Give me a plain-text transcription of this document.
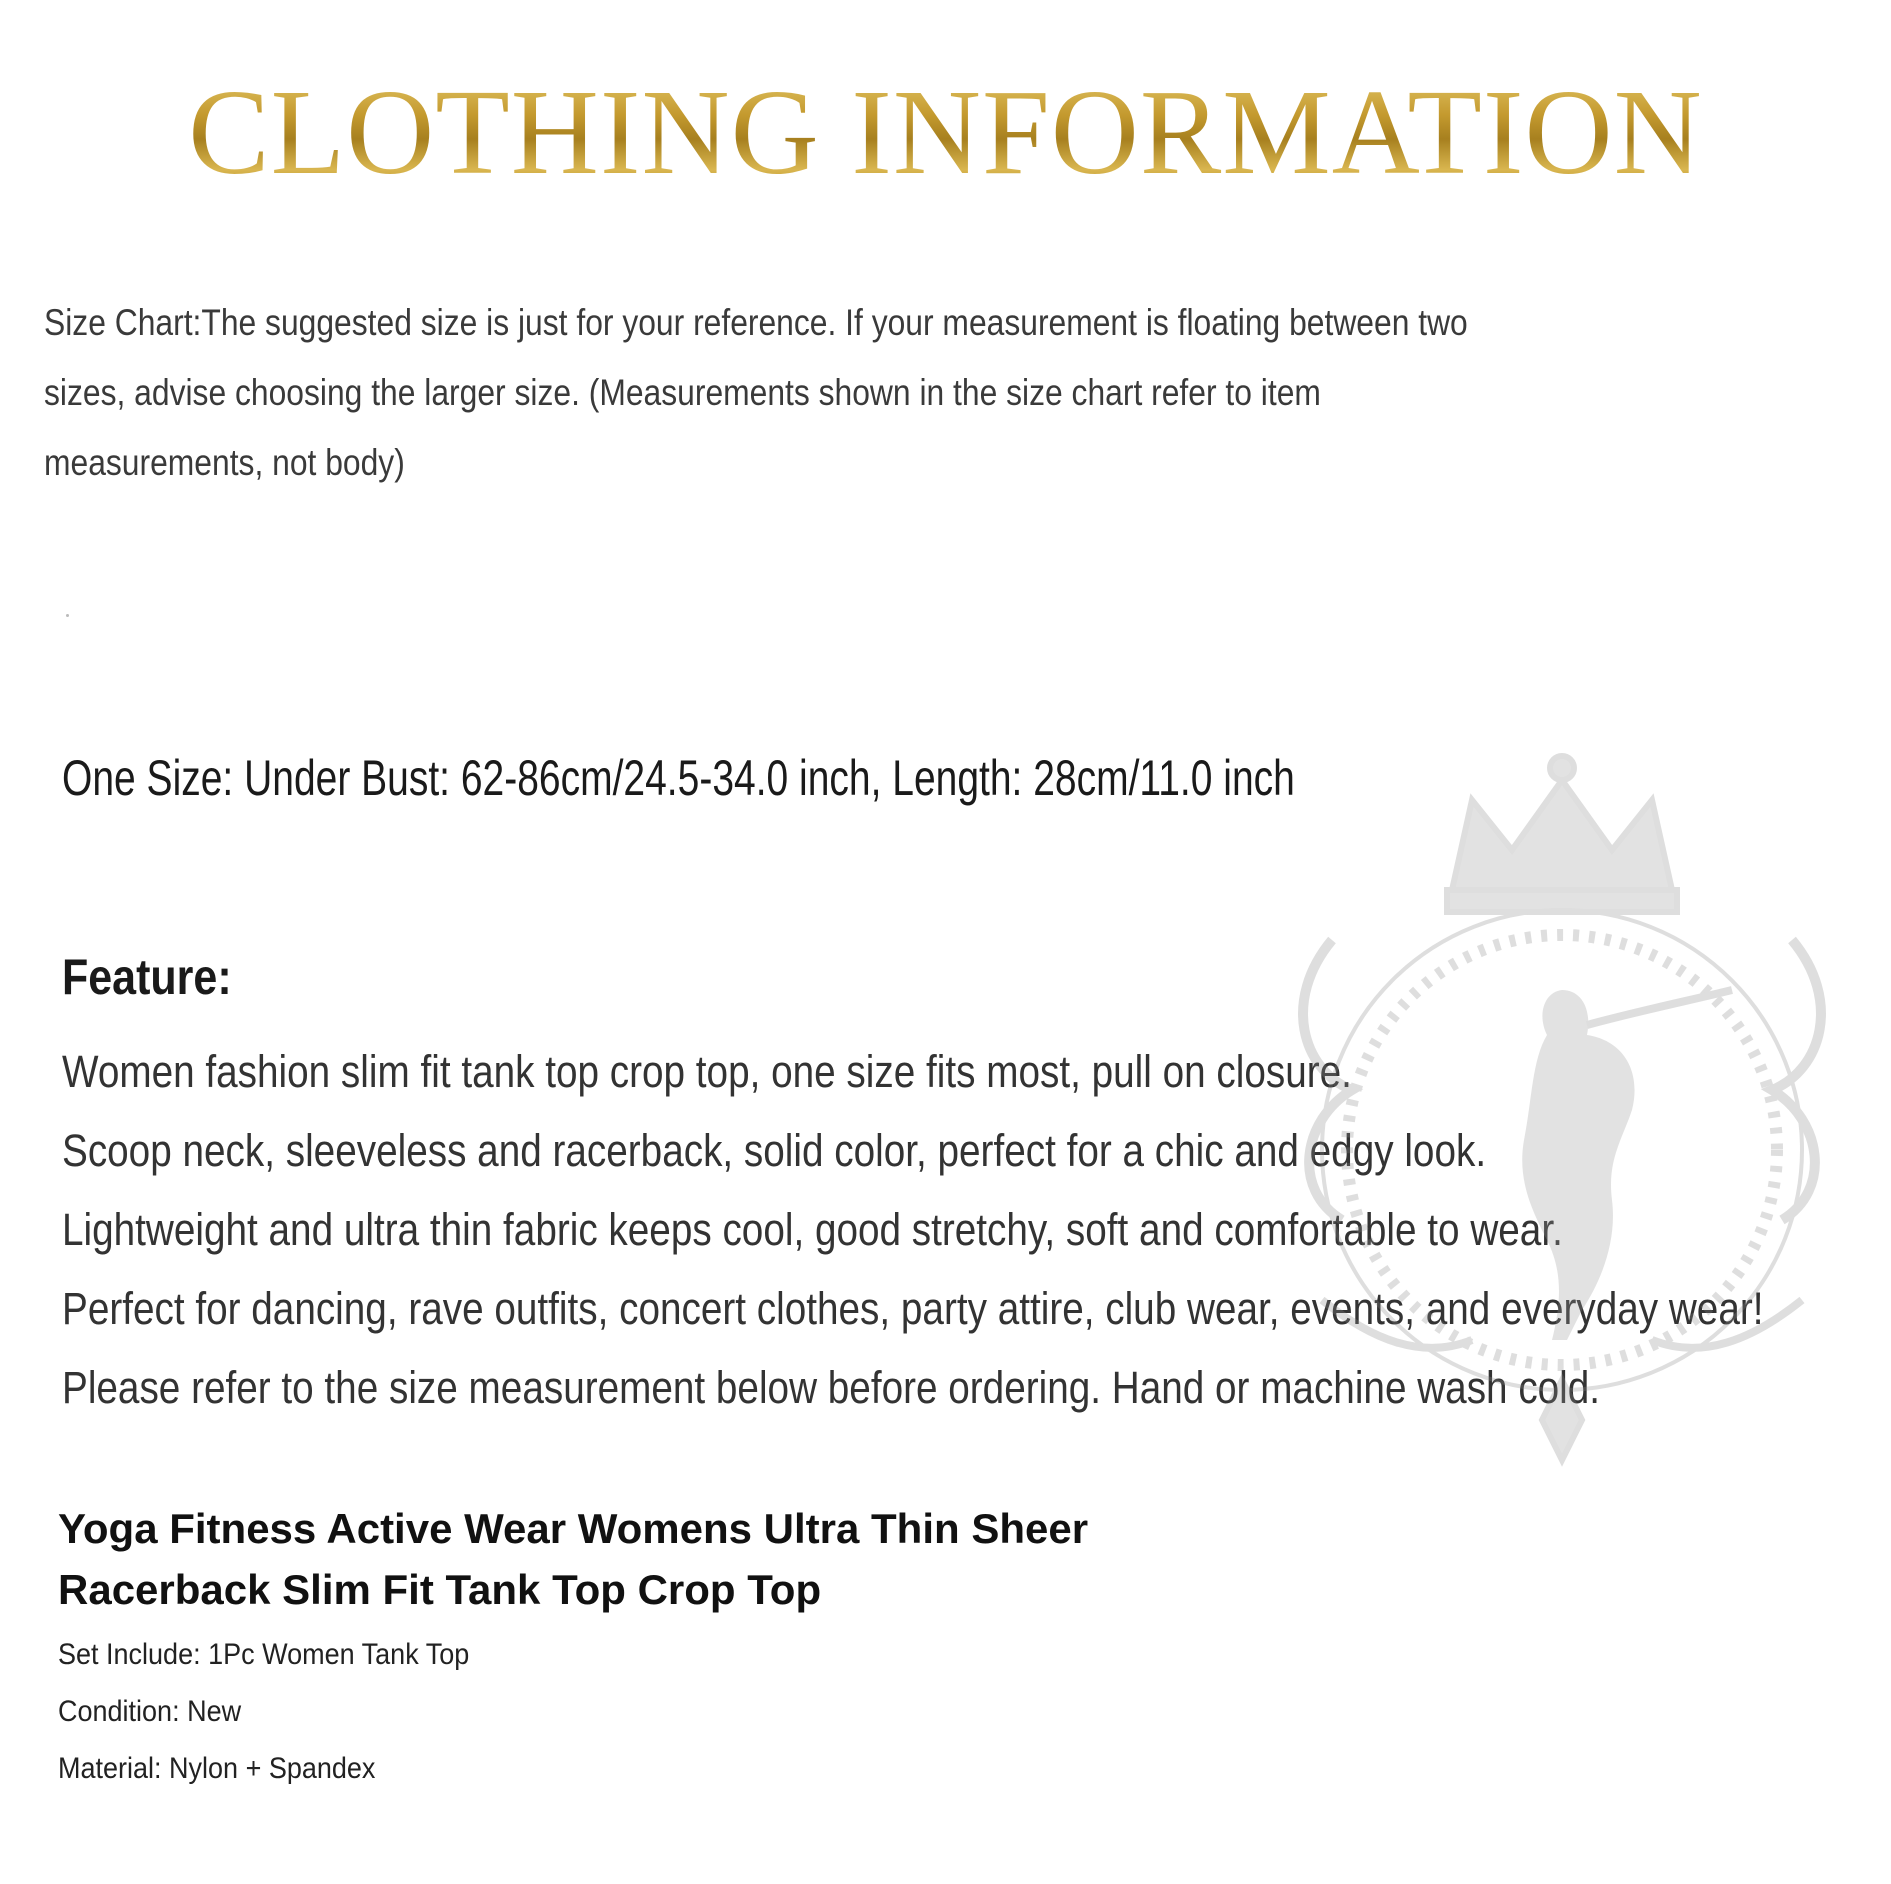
CLOTHING INFORMATION

Size Chart:The suggested size is just for your reference. If your measurement is floating between two sizes, advise choosing the larger size. (Measurements shown in the size chart refer to item measurements, not body)

One Size: Under Bust: 62-86cm/24.5-34.0 inch, Length: 28cm/11.0 inch

Feature:
Women fashion slim fit tank top crop top, one size fits most, pull on closure.
Scoop neck, sleeveless and racerback, solid color, perfect for a chic and edgy look.
Lightweight and ultra thin fabric keeps cool, good stretchy, soft and comfortable to wear.
Perfect for dancing, rave outfits, concert clothes, party attire, club wear, events, and everyday wear!
Please refer to the size measurement below before ordering. Hand or machine wash cold.
Yoga Fitness Active Wear Womens Ultra Thin Sheer
Racerback Slim Fit Tank Top Crop Top
Set Include: 1Pc Women Tank Top
Condition: New
Material: Nylon + Spandex
